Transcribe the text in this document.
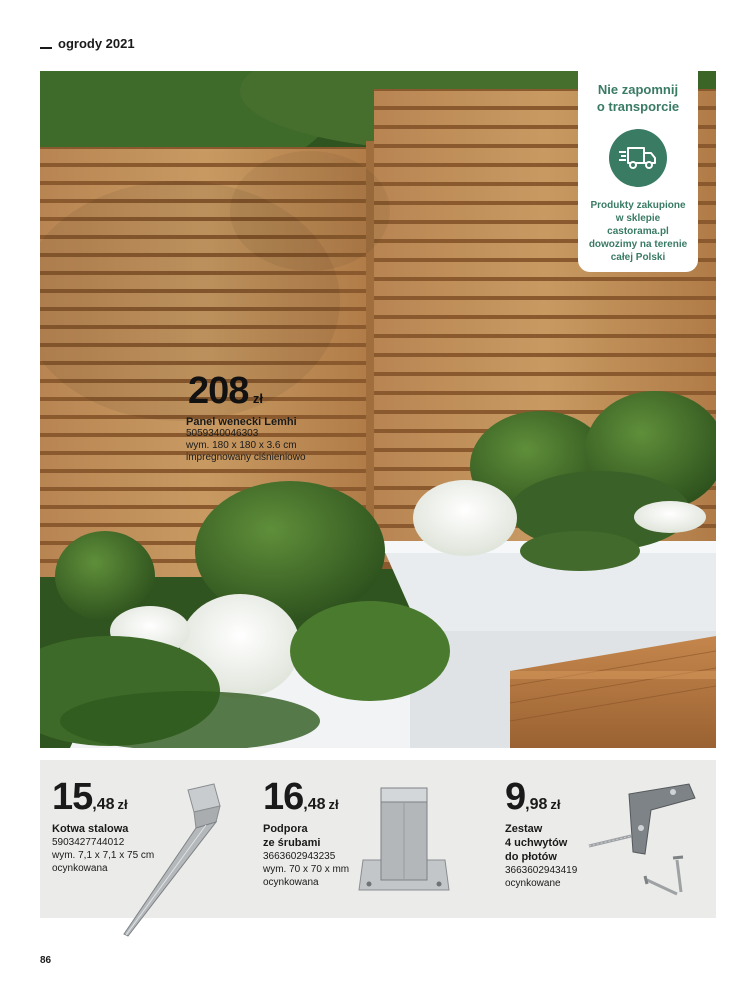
ogrody 2021
Nie zapomnij
o transporcie
Produkty zakupione
w sklepie
castorama.pl
dowozimy na terenie
całej Polski
208 zł
Panel wenecki Lemhi
5059340046303
wym. 180 x 180 x 3.6 cm
impregnowany ciśnieniowo
15,48 zł
Kotwa stalowa
5903427744012
wym. 7,1 x 7,1 x 75 cm
ocynkowana
16,48 zł
Podpora
ze śrubami
3663602943235
wym. 70 x 70 x mm
ocynkowana
9,98 zł
Zestaw
4 uchwytów
do płotów
3663602943419
ocynkowane
86
